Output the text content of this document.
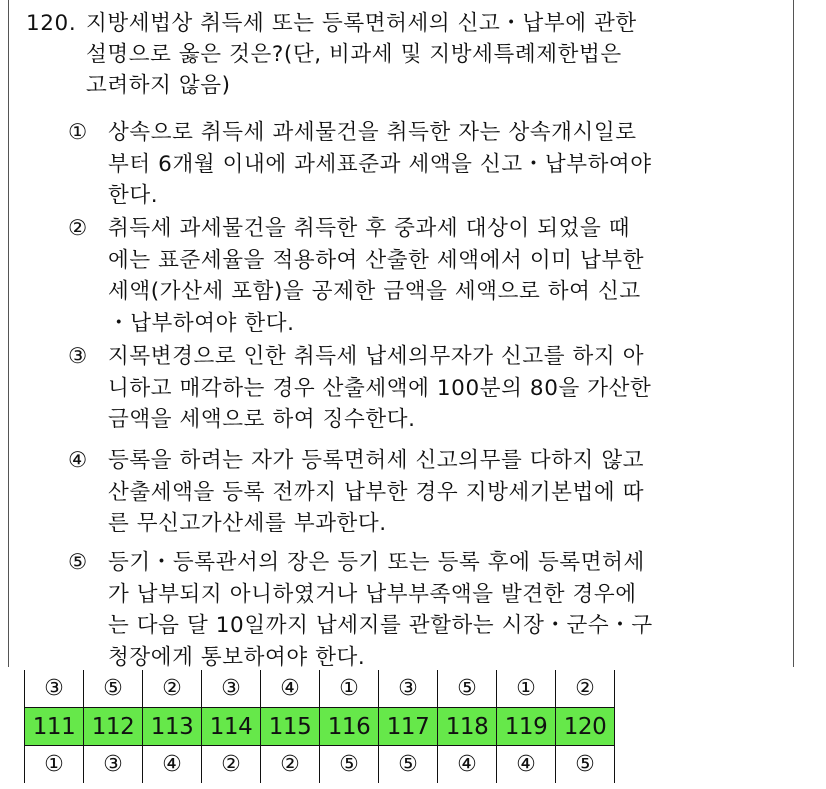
120. 지방세법상 취득세 또는 등록면허세의 신고・납부에 관한
설명으로 옳은 것은?(단, 비과세 및 지방세특례제한법은
고려하지 않음)
① 상속으로 취득세 과세물건을 취득한 자는 상속개시일로
부터 6개월 이내에 과세표준과 세액을 신고・납부하여야
한다.
② 취득세 과세물건을 취득한 후 중과세 대상이 되었을 때
에는 표준세율을 적용하여 산출한 세액에서 이미 납부한
세액(가산세 포함)을 공제한 금액을 세액으로 하여 신고
・납부하여야 한다.
③ 지목변경으로 인한 취득세 납세의무자가 신고를 하지 아
니하고 매각하는 경우 산출세액에 100분의 80을 가산한
금액을 세액으로 하여 징수한다.
④ 등록을 하려는 자가 등록면허세 신고의무를 다하지 않고
산출세액을 등록 전까지 납부한 경우 지방세기본법에 따
른 무신고가산세를 부과한다.
⑤ 등기・등록관서의 장은 등기 또는 등록 후에 등록면허세
가 납부되지 아니하였거나 납부부족액을 발견한 경우에
는 다음 달 10일까지 납세지를 관할하는 시장・군수・구
청장에게 통보하여야 한다.
③	⑤	②	③	④	①	③	⑤	①	②
111	112	113	114	115	116	117	118	119	120
①	③	④	②	②	⑤	⑤	④	④	⑤
